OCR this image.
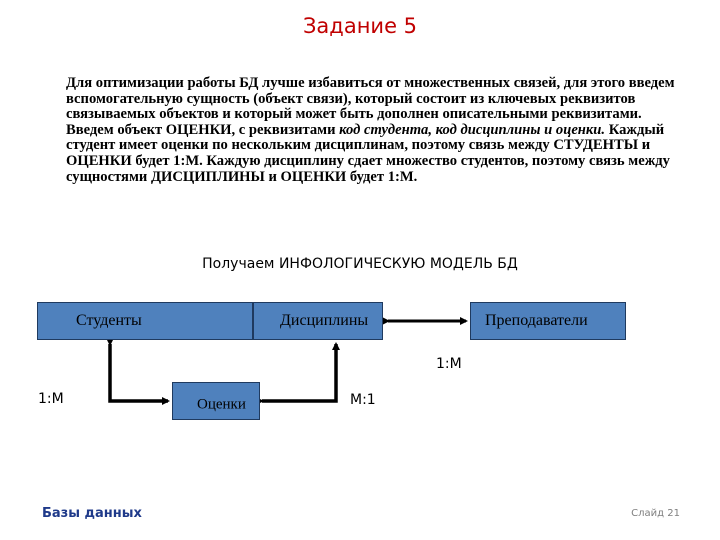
Задание 5
Для оптимизации работы БД лучше избавиться от множественных связей, для этого введем вспомогательную сущность (объект связи), который состоит из ключевых реквизитов связываемых объектов и который может быть дополнен описательными реквизитами. Введем объект ОЦЕНКИ, с реквизитами код студента, код дисциплины и оценки. Каждый студент имеет оценки по нескольким дисциплинам, поэтому связь между СТУДЕНТЫ и ОЦЕНКИ будет 1:М. Каждую дисциплину сдает множество студентов, поэтому связь между сущностями ДИСЦИПЛИНЫ и ОЦЕНКИ будет 1:М.
Получаем ИНФОЛОГИЧЕСКУЮ МОДЕЛЬ БД
Студенты	Дисциплины	Преподаватели
Оценки
1:М
1:М	М:1
Базы данных	Слайд 21
